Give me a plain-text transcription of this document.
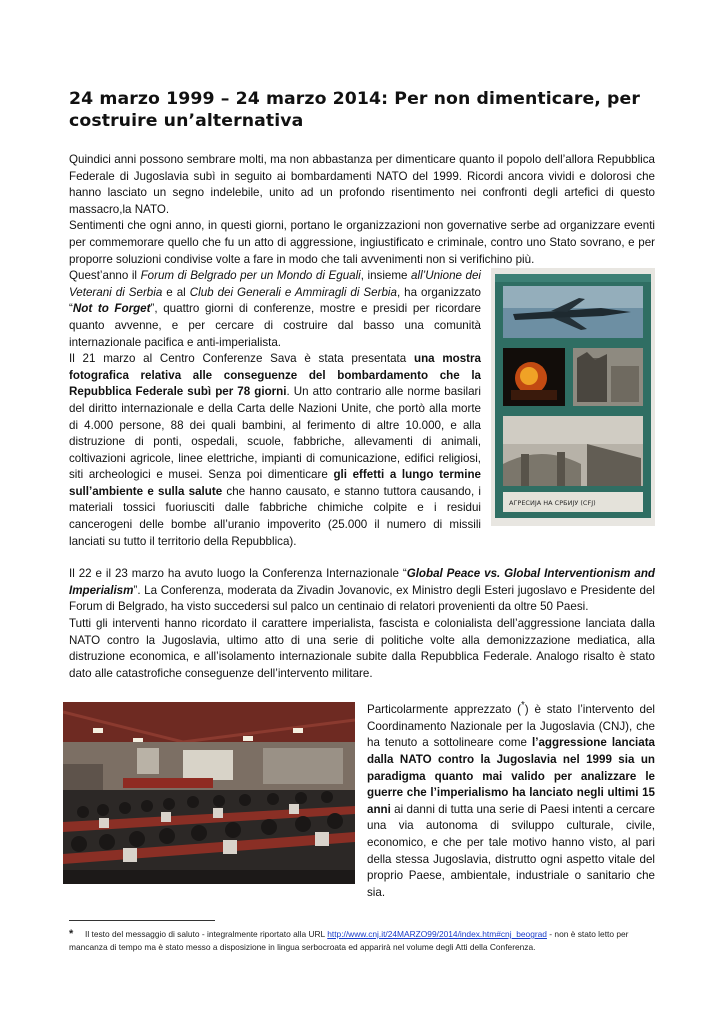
24 marzo 1999 – 24 marzo 2014: Per non dimenticare, per costruire un’alternativa

Quindici anni possono sembrare molti, ma non abbastanza per dimenticare quanto il popolo dell’allora Repubblica Federale di Jugoslavia subì in seguito ai bombardamenti NATO del 1999. Ricordi ancora vividi e dolorosi che hanno lasciato un segno indelebile, unito ad un profondo risentimento nei confronti degli artefici di questo massacro,la NATO.

Sentimenti che ogni anno, in questi giorni, portano le organizzazioni non governative serbe ad organizzare eventi per commemorare quello che fu un atto di aggressione, ingiustificato e criminale, contro uno Stato sovrano, e per proporre soluzioni condivise volte a fare in modo che tali avvenimenti non si verifichino più.

АГРЕСИЈА НА СРБИЈУ (СFJ)

Quest’anno il Forum di Belgrado per un Mondo di Eguali, insieme all’Unione dei Veterani di Serbia e al Club dei Generali e Ammiragli di Serbia, ha organizzato “Not to Forget”, quattro giorni di conferenze, mostre e presidi per ricordare quanto avvenne, e per cercare di costruire dal basso una comunità internazionale pacifica e anti-imperialista.

Il 21 marzo al Centro Conferenze Sava è stata presentata una mostra fotografica relativa alle conseguenze del bombardamento che la Repubblica Federale subì per 78 giorni. Un atto contrario alle norme basilari del diritto internazionale e della Carta delle Nazioni Unite, che portò alla morte di 4.000 persone, 88 dei quali bambini, al ferimento di altre 10.000, e alla distruzione di ponti, ospedali, scuole, fabbriche, allevamenti di animali, coltivazioni agricole, linee elettriche, impianti di comunicazione, edifici religiosi, siti archeologici e musei. Senza poi dimenticare gli effetti a lungo termine sull’ambiente e sulla salute che hanno causato, e stanno tuttora causando, i materiali tossici fuoriusciti dalle fabbriche chimiche colpite e i residui cancerogeni delle bombe all’uranio impoverito (25.000 il numero di missili lanciati su tutto il territorio della Repubblica).

Il 22 e il 23 marzo ha avuto luogo la Conferenza Internazionale “Global Peace vs. Global Interventionism and Imperialism”. La Conferenza, moderata da Zivadin Jovanovic, ex Ministro degli Esteri jugoslavo e Presidente del Forum di Belgrado, ha visto succedersi sul palco un centinaio di relatori provenienti da oltre 50 Paesi.

Tutti gli interventi hanno ricordato il carattere imperialista, fascista e colonialista dell’aggressione lanciata dalla NATO contro la Jugoslavia, ultimo atto di una serie di politiche volte alla demonizzazione mediatica, alla distruzione economica, e all’isolamento internazionale subite dalla Repubblica Federale. Analogo risalto è stato dato alle catastrofiche conseguenze dell’intervento militare.

Particolarmente apprezzato (*) è stato l’intervento del Coordinamento Nazionale per la Jugoslavia (CNJ), che ha tenuto a sottolineare come l’aggressione lanciata dalla NATO contro la Jugoslavia nel 1999 sia un paradigma quanto mai valido per analizzare le guerre che l’imperialismo ha lanciato negli ultimi 15 anni ai danni di tutta una serie di Paesi intenti a cercare una via autonoma di sviluppo culturale, civile, economico, e che per tale motivo hanno visto, al pari della stessa Jugoslavia, distrutto ogni aspetto vitale del proprio Paese, ambientale, industriale o sanitario che sia.

* Il testo del messaggio di saluto - integralmente riportato alla URL http://www.cnj.it/24MARZO99/2014/index.htm#cnj_beograd - non è stato letto per mancanza di tempo ma è stato messo a disposizione in lingua serbocroata ed apparirà nel volume degli Atti della Conferenza.
